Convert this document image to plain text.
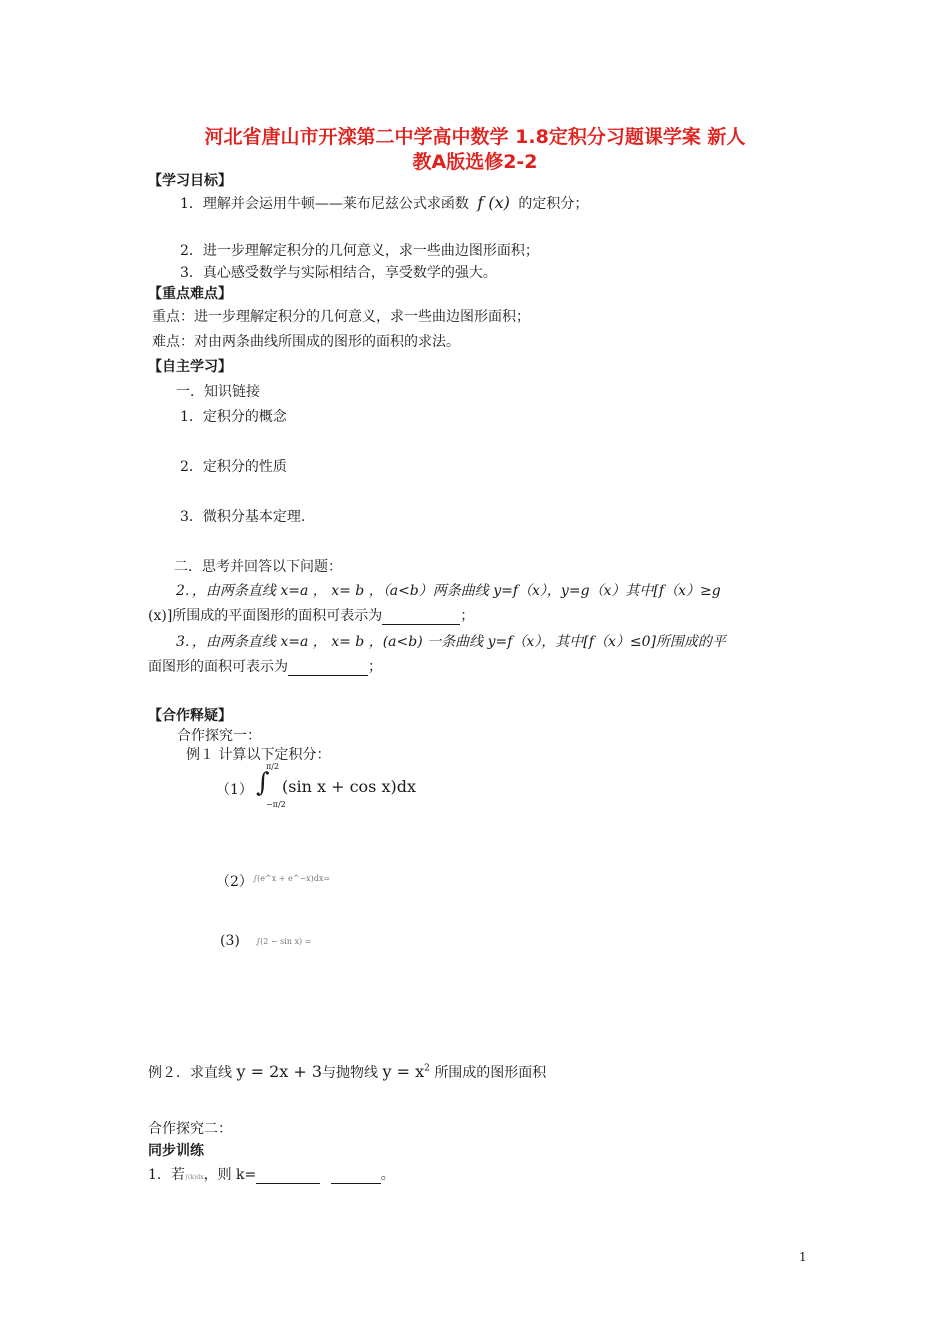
河北省唐山市开滦第二中学高中数学 1.8定积分习题课学案 新人
教A版选修2-2
【学习目标】
1．理解并会运用牛顿——莱布尼兹公式求函数 f (x) 的定积分；
2．进一步理解定积分的几何意义，求一些曲边图形面积；
3．真心感受数学与实际相结合，享受数学的强大。
【重点难点】
重点：进一步理解定积分的几何意义，求一些曲边图形面积；
难点：对由两条曲线所围成的图形的面积的求法。
【自主学习】
一．知识链接
1．定积分的概念
2．定积分的性质
3．微积分基本定理.
二．思考并回答以下问题：
2．，由两条直线 x=a ， x= b ，（a<b）两条曲线 y=f（x），y=g（x）其中[f（x）≥g
(x)]所围成的平面图形的面积可表示为	；
3．，由两条直线 x=a ， x= b ，(a<b) 一条曲线 y=f（x），其中[f（x）≤0]所围成的平
面图形的面积可表示为	；
【合作释疑】
合作探究一：
例１ 计算以下定积分：
（1） ∫
π/2
−π/2
(sin x + cos x)dx
（2） ∫(e^x + e^−x)dx=
(3) ∫(2 − sin x) =
例２．求直线 y = 2x + 3与抛物线 $y = x^2$ 所围成的图形面积
合作探究二：
同步训练
1．若∫(k)dx，则 k=	。
1
